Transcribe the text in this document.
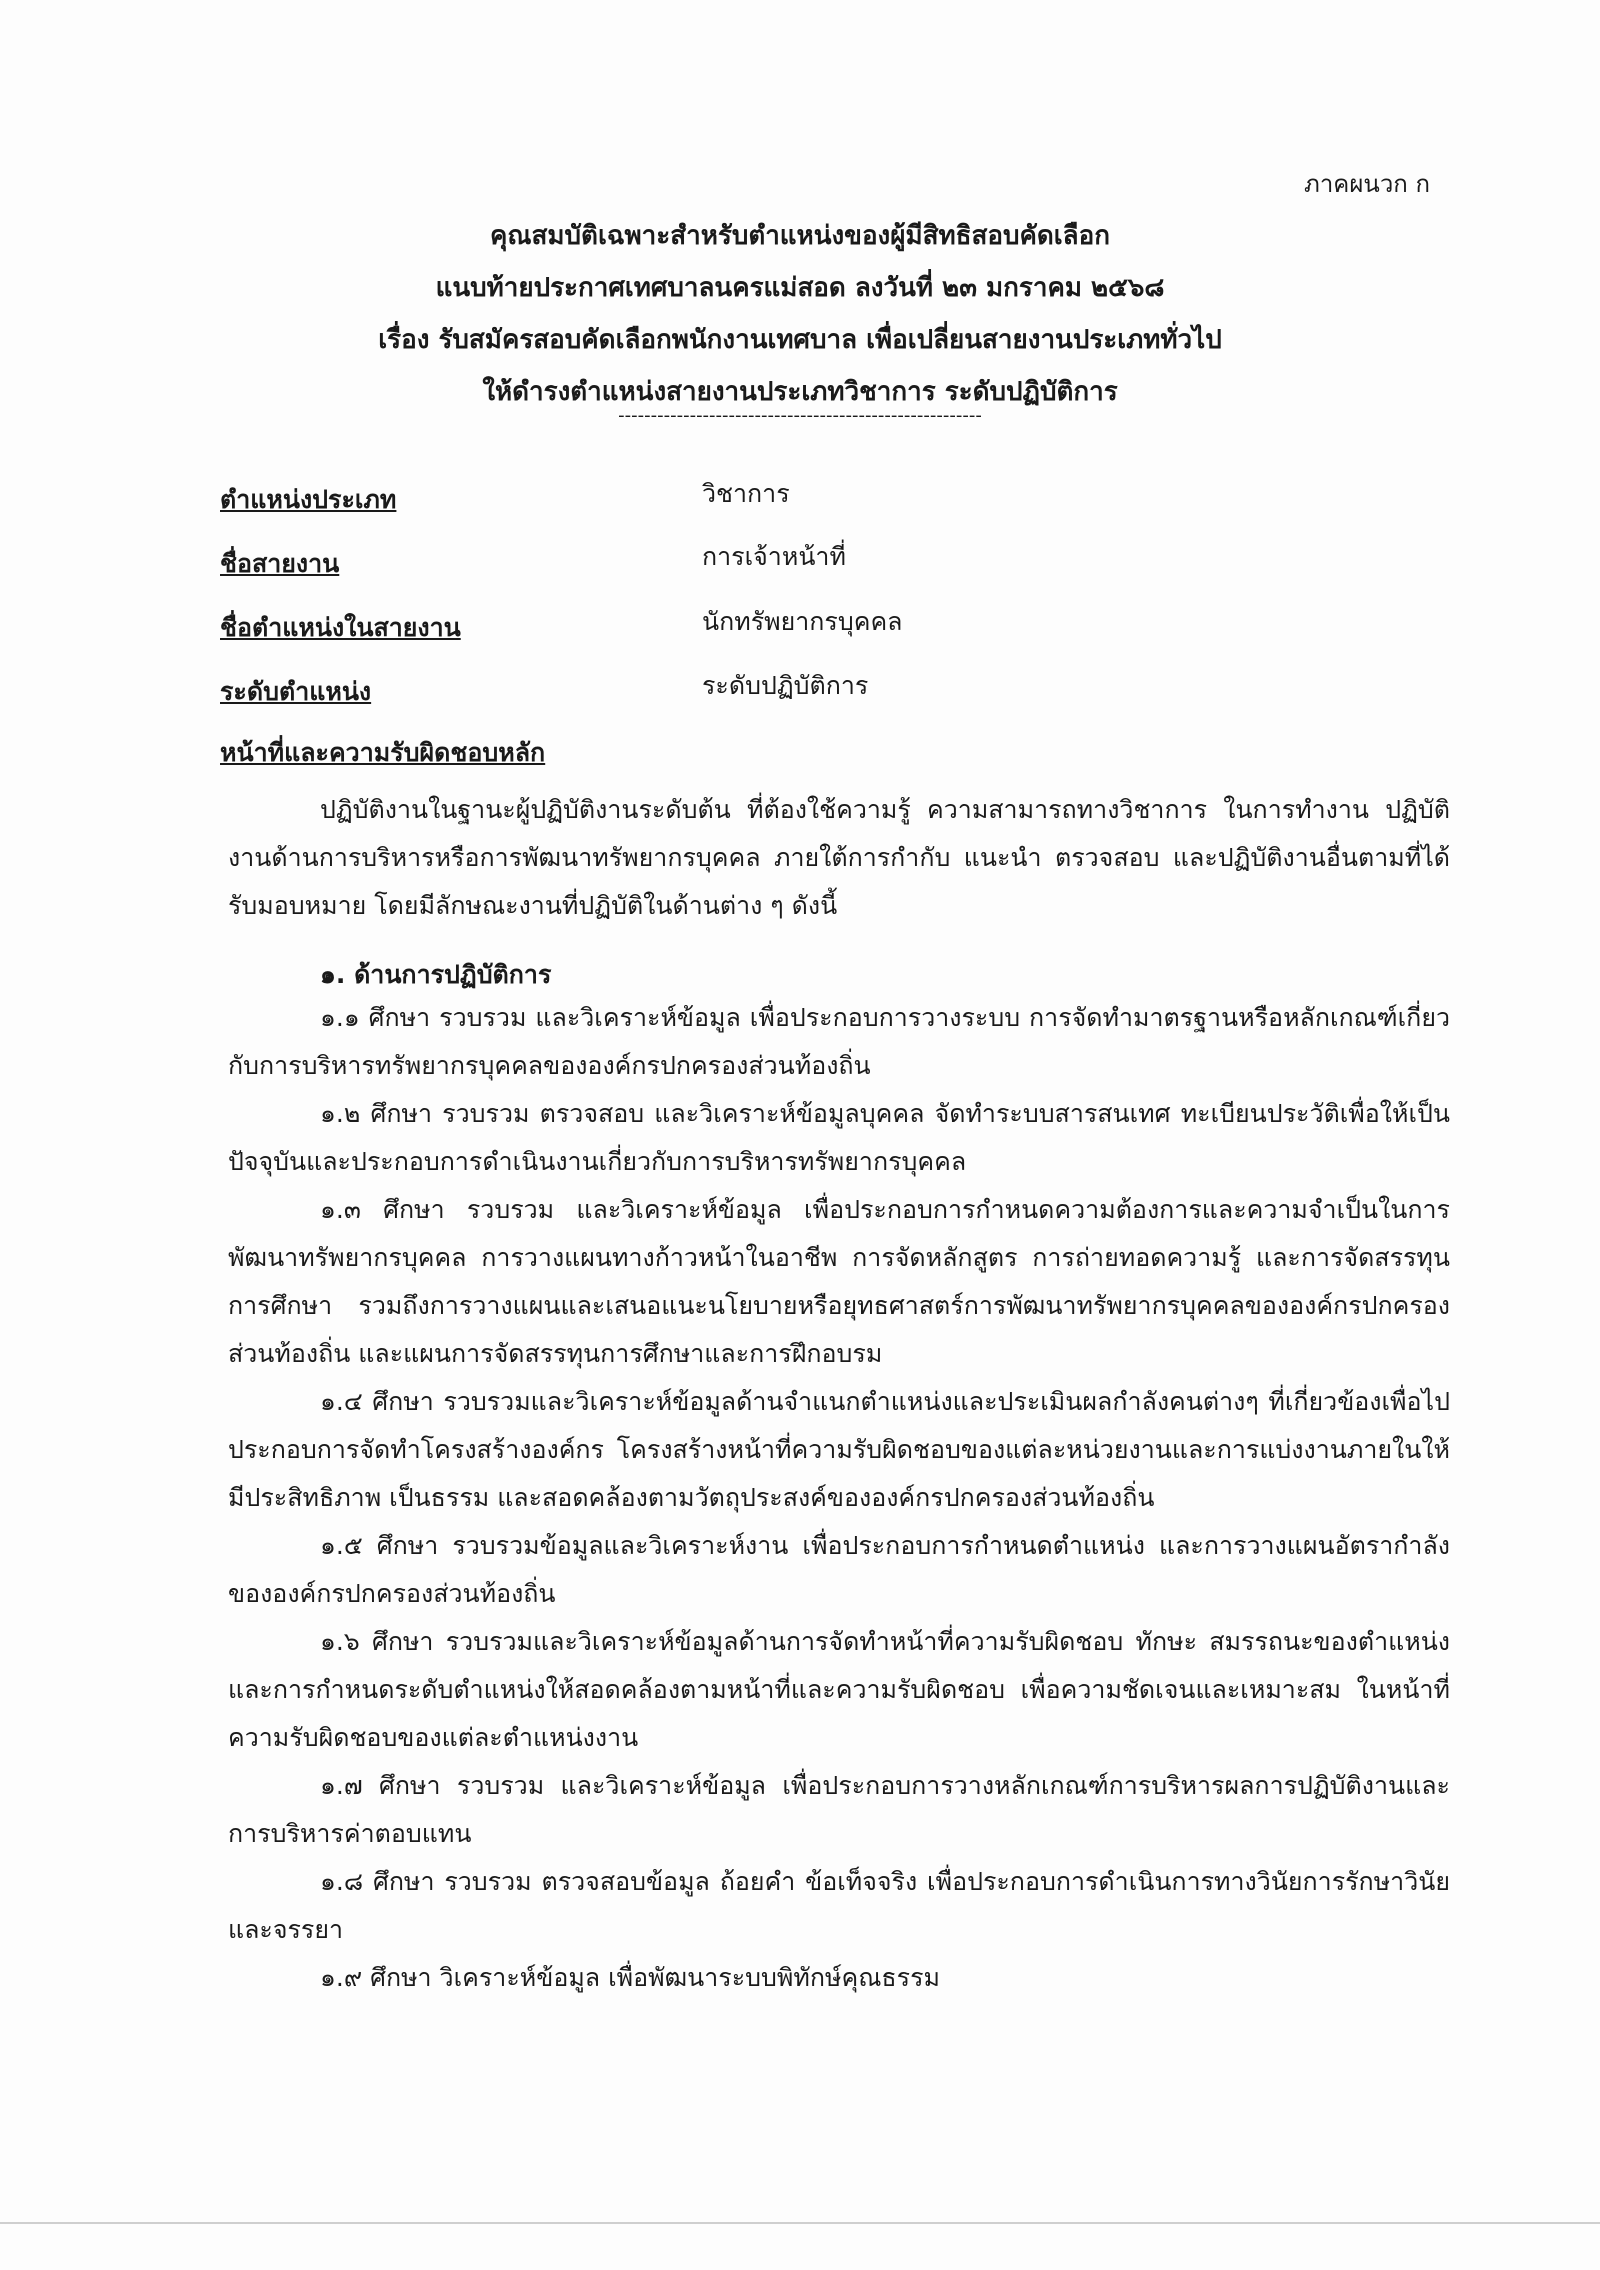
ภาคผนวก ก
คุณสมบัติเฉพาะสำหรับตำแหน่งของผู้มีสิทธิสอบคัดเลือก
แนบท้ายประกาศเทศบาลนครแม่สอด ลงวันที่ ๒๓ มกราคม ๒๕๖๘
เรื่อง รับสมัครสอบคัดเลือกพนักงานเทศบาล เพื่อเปลี่ยนสายงานประเภททั่วไป
ให้ดำรงตำแหน่งสายงานประเภทวิชาการ ระดับปฏิบัติการ
--------------------------------------------------------
ตำแหน่งประเภท	วิชาการ
ชื่อสายงาน	การเจ้าหน้าที่
ชื่อตำแหน่งในสายงาน	นักทรัพยากรบุคคล
ระดับตำแหน่ง	ระดับปฏิบัติการ
หน้าที่และความรับผิดชอบหลัก

ปฏิบัติงานในฐานะผู้ปฏิบัติงานระดับต้น ที่ต้องใช้ความรู้ ความสามารถทางวิชาการ ในการทำงาน ปฏิบัติงานด้านการบริหารหรือการพัฒนาทรัพยากรบุคคล ภายใต้การกำกับ แนะนำ ตรวจสอบ และปฏิบัติงานอื่นตามที่ได้รับมอบหมาย โดยมีลักษณะงานที่ปฏิบัติในด้านต่าง ๆ ดังนี้

๑. ด้านการปฏิบัติการ

๑.๑ ศึกษา รวบรวม และวิเคราะห์ข้อมูล เพื่อประกอบการวางระบบ การจัดทำมาตรฐานหรือหลักเกณฑ์เกี่ยวกับการบริหารทรัพยากรบุคคลขององค์กรปกครองส่วนท้องถิ่น

๑.๒ ศึกษา รวบรวม ตรวจสอบ และวิเคราะห์ข้อมูลบุคคล จัดทำระบบสารสนเทศ ทะเบียนประวัติเพื่อให้เป็นปัจจุบันและประกอบการดำเนินงานเกี่ยวกับการบริหารทรัพยากรบุคคล

๑.๓ ศึกษา รวบรวม และวิเคราะห์ข้อมูล เพื่อประกอบการกำหนดความต้องการและความจำเป็นในการพัฒนาทรัพยากรบุคคล การวางแผนทางก้าวหน้าในอาชีพ การจัดหลักสูตร การถ่ายทอดความรู้ และการจัดสรรทุนการศึกษา รวมถึงการวางแผนและเสนอแนะนโยบายหรือยุทธศาสตร์การพัฒนาทรัพยากรบุคคลขององค์กรปกครองส่วนท้องถิ่น และแผนการจัดสรรทุนการศึกษาและการฝึกอบรม

๑.๔ ศึกษา รวบรวมและวิเคราะห์ข้อมูลด้านจำแนกตำแหน่งและประเมินผลกำลังคนต่างๆ ที่เกี่ยวข้องเพื่อไปประกอบการจัดทำโครงสร้างองค์กร โครงสร้างหน้าที่ความรับผิดชอบของแต่ละหน่วยงานและการแบ่งงานภายในให้มีประสิทธิภาพ เป็นธรรม และสอดคล้องตามวัตถุประสงค์ขององค์กรปกครองส่วนท้องถิ่น

๑.๕ ศึกษา รวบรวมข้อมูลและวิเคราะห์งาน เพื่อประกอบการกำหนดตำแหน่ง และการวางแผนอัตรากำลังขององค์กรปกครองส่วนท้องถิ่น

๑.๖ ศึกษา รวบรวมและวิเคราะห์ข้อมูลด้านการจัดทำหน้าที่ความรับผิดชอบ ทักษะ สมรรถนะของตำแหน่งและการกำหนดระดับตำแหน่งให้สอดคล้องตามหน้าที่และความรับผิดชอบ เพื่อความชัดเจนและเหมาะสม ในหน้าที่ความรับผิดชอบของแต่ละตำแหน่งงาน

๑.๗ ศึกษา รวบรวม และวิเคราะห์ข้อมูล เพื่อประกอบการวางหลักเกณฑ์การบริหารผลการปฏิบัติงานและการบริหารค่าตอบแทน

๑.๘ ศึกษา รวบรวม ตรวจสอบข้อมูล ถ้อยคำ ข้อเท็จจริง เพื่อประกอบการดำเนินการทางวินัยการรักษาวินัยและจรรยา

๑.๙ ศึกษา วิเคราะห์ข้อมูล เพื่อพัฒนาระบบพิทักษ์คุณธรรม
